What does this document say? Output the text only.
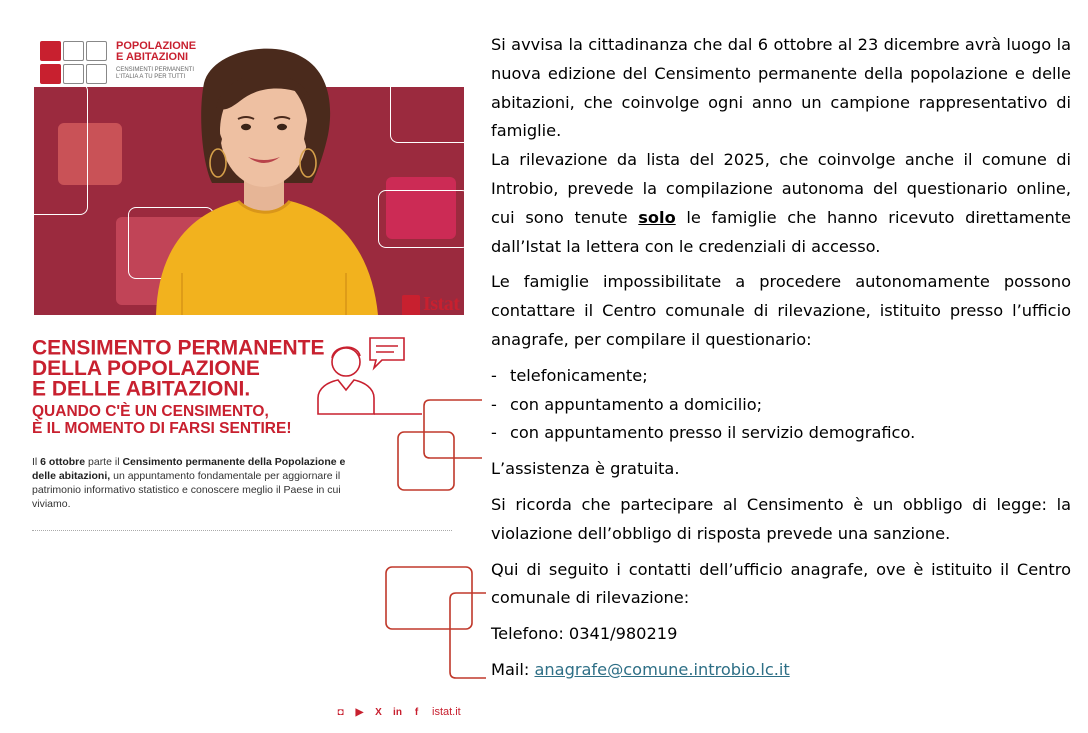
POPOLAZIONE
E ABITAZIONI
CENSIMENTI PERMANENTI
L'ITALIA A TU PER TUTTI
Istat
CENSIMENTO PERMANENTE
DELLA POPOLAZIONE
E DELLE ABITAZIONI.
QUANDO C'È UN CENSIMENTO,
È IL MOMENTO DI FARSI SENTIRE!
Il 6 ottobre parte il Censimento permanente della Popolazione e delle abitazioni, un appuntamento fondamentale per aggiornare il patrimonio informativo statistico e conoscere meglio il Paese in cui viviamo.
◘ ▶ X in	f	istat.it

Si avvisa la cittadinanza che dal 6 ottobre al 23 dicembre avrà luogo la nuova edizione del Censimento permanente della popolazione e delle abitazioni, che coinvolge ogni anno un campione rappresentativo di famiglie.

La rilevazione da lista del 2025, che coinvolge anche il comune di Introbio, prevede la compilazione autonoma del questionario online, cui sono tenute solo le famiglie che hanno ricevuto direttamente dall’Istat la lettera con le credenziali di accesso.

Le famiglie impossibilitate a procedere autonomamente possono contattare il Centro comunale di rilevazione, istituito presso l’ufficio anagrafe, per compilare il questionario:

- telefonicamente;
- con appuntamento a domicilio;
- con appuntamento presso il servizio demografico.

L’assistenza è gratuita.

Si ricorda che partecipare al Censimento è un obbligo di legge: la violazione dell’obbligo di risposta prevede una sanzione.

Qui di seguito i contatti dell’ufficio anagrafe, ove è istituito il Centro comunale di rilevazione:

Telefono: 0341/980219

Mail: anagrafe@comune.introbio.lc.it
